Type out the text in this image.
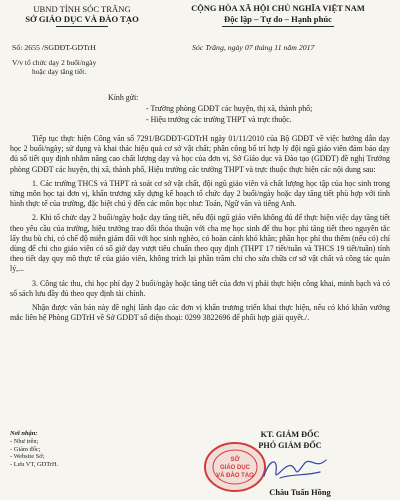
UBND TỈNH SÓC TRĂNG
SỞ GIÁO DỤC VÀ ĐÀO TẠO
Số: 2655 /SGDĐT-GDTrH
V/v tổ chức dạy 2 buổi/ngày
hoặc dạy tăng tiết.
CỘNG HÒA XÃ HỘI CHỦ NGHĨA VIỆT NAM
Độc lập – Tự do – Hạnh phúc
Sóc Trăng, ngày 07 tháng 11 năm 2017
Kính gửi:
- Trường phòng GDĐT các huyện, thị xã, thành phố;
- Hiệu trưởng các trường THPT và trực thuộc.

Tiếp tục thực hiện Công văn số 7291/BGDĐT-GDTrH ngày 01/11/2010 của Bộ GDĐT về việc hướng dẫn dạy học 2 buổi/ngày; sử dụng và khai thác hiệu quả cơ sở vật chất; phân công bố trí hợp lý đội ngũ giáo viên đảm bảo dạy đủ số tiết quy định nhằm nâng cao chất lượng dạy và học của đơn vị, Sở Giáo dục và Đào tạo (GDĐT) đề nghị Trưởng phòng GDĐT các huyện, thị xã, thành phố, Hiệu trưởng các trường THPT và trực thuộc thực hiện các nội dung sau:

1. Các trường THCS và THPT rà soát cơ sở vật chất, đội ngũ giáo viên và chất lượng học tập của học sinh trong từng môn học tại đơn vị, khẩn trương xây dựng kế hoạch tổ chức dạy 2 buổi/ngày hoặc dạy tăng tiết phù hợp với tình hình thực tế của trường, đặc biệt chú ý đến các môn học như: Toán, Ngữ văn và tiếng Anh.

2. Khi tổ chức dạy 2 buổi/ngày hoặc dạy tăng tiết, nếu đội ngũ giáo viên không đủ để thực hiện việc dạy tăng tiết theo yêu cầu của trường, hiệu trưởng trao đổi thỏa thuận với cha mẹ học sinh để thu học phí tăng tiết theo nguyên tắc lấy thu bù chi, có chế độ miễn giảm đối với học sinh nghèo, có hoàn cảnh khó khăn; phần học phí thu thêm (nếu có) chỉ dùng để chi cho giáo viên có số giờ dạy vượt tiêu chuẩn theo quy định (THPT 17 tiết/tuần và THCS 19 tiết/tuần) tính theo tiết dạy quy mô thực tế của giáo viên, không trích lại phần trăm chi cho sửa chữa cơ sở vật chất và công tác quản lý,...

3. Công tác thu, chi học phí dạy 2 buổi/ngày hoặc tăng tiết của đơn vị phải thực hiện công khai, minh bạch và có sổ sách lưu đầy đủ theo quy định tài chính.

Nhận được văn bản này đề nghị lãnh đạo các đơn vị khẩn trương triển khai thực hiện, nếu có khó khăn vướng mắc liên hệ Phòng GDTrH về Sở GDĐT số điện thoại: 0299 3822696 để phối hợp giải quyết./.

Nơi nhận:
- Như trên;
- Giám đốc;
- Website Sở;
- Lưu VT, GDTrH.
KT. GIÁM ĐỐC
PHÓ GIÁM ĐỐC
SỞ
GIÁO DỤC
VÀ ĐÀO TẠO
Châu Tuấn Hồng
